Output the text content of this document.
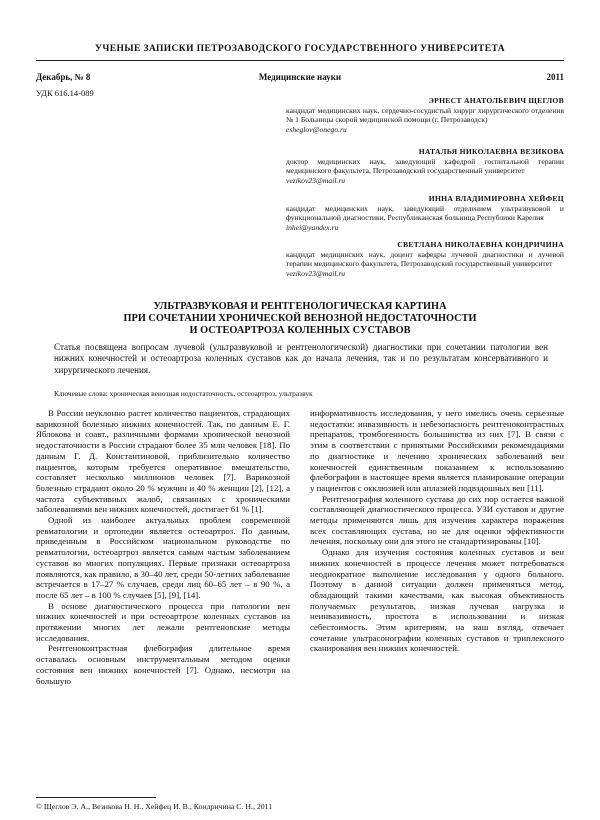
УЧЕНЫЕ ЗАПИСКИ ПЕТРОЗАВОДСКОГО ГОСУДАРСТВЕННОГО УНИВЕРСИТЕТА
Декабрь, № 8	Медицинские науки	2011
УДК 616.14-089
ЭРНЕСТ АНАТОЛЬЕВИЧ ЩЕГЛОВ
кандидат медицинских наук, сердечно-сосудистый хирург хирургического отделения № 1 Больницы скорой медицинской помощи (г. Петрозаводск)
esheglov@onego.ru
НАТАЛЬЯ НИКОЛАЕВНА ВЕЗИКОВА
доктор медицинских наук, заведующий кафедрой госпитальной терапии медицинского факультета, Петрозаводский государственный университет
vezikov23@mail.ru
ИННА ВЛАДИМИРОВНА ХЕЙФЕЦ
кандидат медицинских наук, заведующий отделением ультразвуковой и функциональной диагностики, Республиканская больница Республики Карелия
inhei@yandex.ru
СВЕТЛАНА НИКОЛАЕВНА КОНДРИЧИНА
кандидат медицинских наук, доцент кафедры лучевой диагностики и лучевой терапии медицинского факультета, Петрозаводский государственный университет
vezikov23@mail.ru
УЛЬТРАЗВУКОВАЯ И РЕНТГЕНОЛОГИЧЕСКАЯ КАРТИНА
ПРИ СОЧЕТАНИИ ХРОНИЧЕСКОЙ ВЕНОЗНОЙ НЕДОСТАТОЧНОСТИ
И ОСТЕОАРТРОЗА КОЛЕННЫХ СУСТАВОВ
Статья посвящена вопросам лучевой (ультразвуковой и рентгенологической) диагностики при сочетании патологии вен нижних конечностей и остеоартроза коленных суставов как до начала лечения, так и по результатам консервативного и хирургического лечения.
Ключевые слова: хроническая венозная недостаточность, остеоартроз, ультразвук

В России неуклонно растет количество пациентов, страдающих варикозной болезнью нижних конечностей. Так, по данным Е. Г. Яблокова и соавт., различными формами хронической венозной недостаточности в России страдают более 35 млн человек [18]. По данным Г. Д. Константиновой, приблизительно количество пациентов, которым требуется оперативное вмешательство, составляет несколько миллионов человек [7]. Варикозной болезнью страдают около 20 % мужчин и 40 % женщин [2], [12], а частота субъективных жалоб, связанных с хроническими заболеваниями вен нижних конечностей, достигает 61 % [1].

Одной из наиболее актуальных проблем современной ревматологии и ортопедии является остеоартроз. По данным, приведенным в Российском национальном руководстве по ревматологии, остеоартроз является самым частым заболеванием суставов во многих популяциях. Первые признаки остеоартроза появляются, как правило, в 30–40 лет, среди 50-летних заболевание встречается в 17–27 % случаев, среди лиц 60–65 лет – в 90 %, а после 65 лет – в 100 % случаев [5], [9], [14].

В основе диагностического процесса при патологии вен нижних конечностей и при остеоартрозе коленных суставов на протяжении многих лет лежали рентгеновские методы исследования.

Рентгеноконтрастная флебография длительное время оставалась основным инструментальным методом оценки состояния вен нижних конечностей [7]. Однако, несмотря на большую

информативность исследования, у него имелись очень серьезные недостатки: инвазивность и небезопасность рентгеноконтрастных препаратов, тромбогенность большинства из них [7]. В связи с этим в соответствии с принятыми Российскими рекомендациями по диагностике и лечению хронических заболеваний вен конечностей единственным показанием к использованию флебографии в настоящее время является планирование операции у пациентов с окклюзией или аплазией подвздошных вен [11].

Рентгенография коленного сустава до сих пор остается важной составляющей диагностического процесса. УЗИ суставов и другие методы применяются лишь для изучения характера поражения всех составляющих сустава, но не для оценки эффективности лечения, поскольку они для этого не стандартизированы [10].

Однако для изучения состояния коленных суставов и вен нижних конечностей в процессе лечения может потребоваться неоднократное выполнение исследования у одного больного. Поэтому в данной ситуации должен применяться метод, обладающий такими качествами, как высокая объективность получаемых результатов, низкая лучевая нагрузка и неинвазивность, простота в использовании и низкая себестоимость. Этим критериям, на наш взгляд, отвечает сочетание ультрасонографии коленных суставов и триплексного сканирования вен нижних конечностей.

© Щеглов Э. А., Везикова Н. Н., Хейфец И. В., Кондричина С. Н., 2011
